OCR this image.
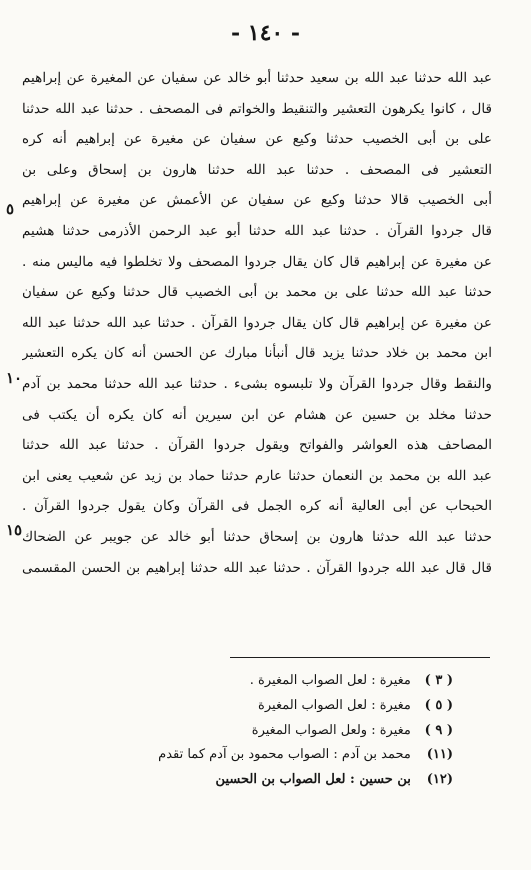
- ١٤٠ -
عبد الله حدثنا عبد الله بن سعيد حدثنا أبو خالد عن سفيان عن المغيرة عن إبراهيم
قال ، كانوا يكرهون التعشير والتنقيط والخواتم فى المصحف . حدثنا عبد الله حدثنا
على بن أبى الخصيب حدثنا وكيع عن سفيان عن مغيرة عن إبراهيم أنه كره
التعشير فى المصحف . حدثنا عبد الله حدثنا هارون بن إسحاق وعلى بن
أبى الخصيب قالا حدثنا وكيع عن سفيان عن الأعمش عن مغيرة عن إبراهيم
قال جردوا القرآن . حدثنا عبد الله حدثنا أبو عبد الرحمن الأذرمى حدثنا هشيم
عن مغيرة عن إبراهيم قال كان يقال جردوا المصحف ولا تخلطوا فيه ماليس منه .
حدثنا عبد الله حدثنا على بن محمد بن أبى الخصيب قال حدثنا وكيع عن سفيان
عن مغيرة عن إبراهيم قال كان يقال جردوا القرآن . حدثنا عبد الله حدثنا عبد الله
ابن محمد بن خلاد حدثنا يزيد قال أنبأنا مبارك عن الحسن أنه كان يكره التعشير
والنقط وقال جردوا القرآن ولا تلبسوه بشىء . حدثنا عبد الله حدثنا محمد بن آدم
حدثنا مخلد بن حسين عن هشام عن ابن سيرين أنه كان يكره أن يكتب فى
المصاحف هذه العواشر والفواتح ويقول جردوا القرآن . حدثنا عبد الله حدثنا
عبد الله بن محمد بن النعمان حدثنا عارم حدثنا حماد بن زيد عن شعيب يعنى ابن
الحبحاب عن أبى العالية أنه كره الجمل فى القرآن وكان يقول جردوا القرآن .
حدثنا عبد الله حدثنا هارون بن إسحاق حدثنا أبو خالد عن جويبر عن الضحاك
قال قال عبد الله جردوا القرآن . حدثنا عبد الله حدثنا إبراهيم بن الحسن المقسمى
٥
١٠
١٥
( ٣ ) مغيرة : لعل الصواب المغيرة .
( ٥ ) مغيرة : لعل الصواب المغيرة
( ٩ ) مغيرة : ولعل الصواب المغيرة
(١١) محمد بن آدم : الصواب محمود بن آدم كما تقدم
(١٢) بن حسين : لعل الصواب بن الحسين
